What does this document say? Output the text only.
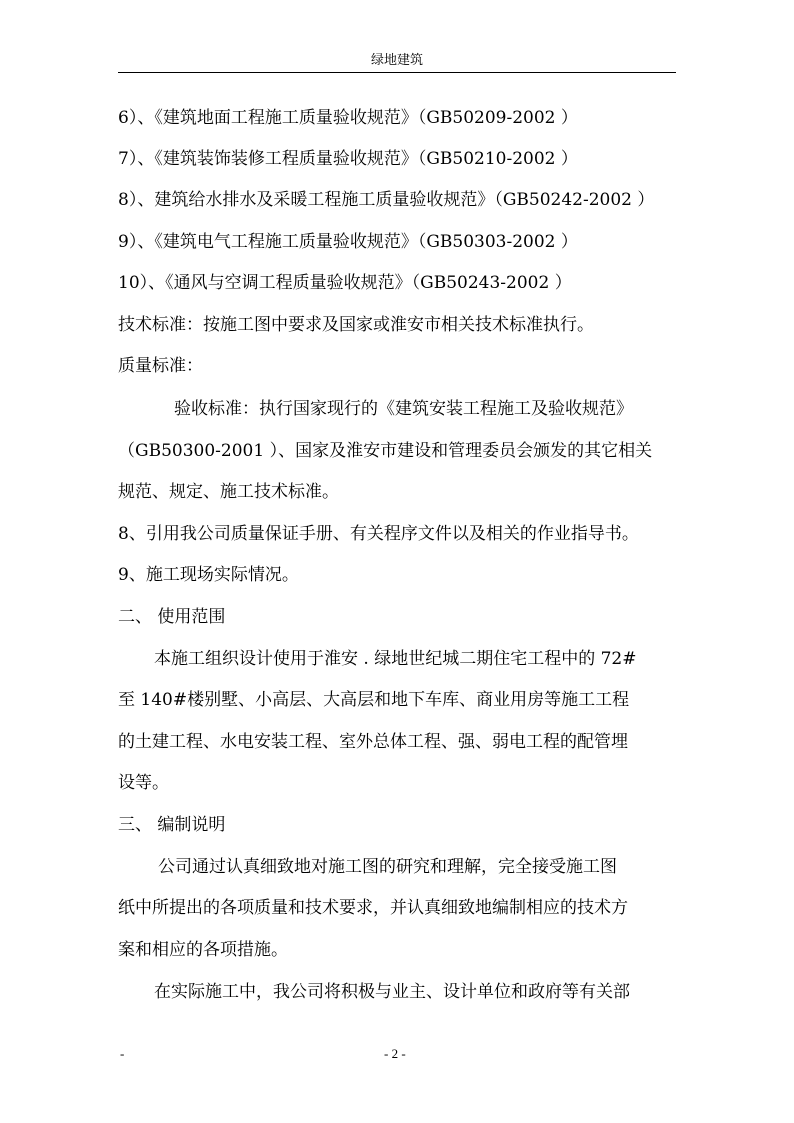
绿地建筑
6）、《建筑地面工程施工质量验收规范》（GB50209-2002 ）
7）、《建筑装饰装修工程质量验收规范》（GB50210-2002 ）
8）、建筑给水排水及采暖工程施工质量验收规范》（GB50242-2002 ）
9）、《建筑电气工程施工质量验收规范》（GB50303-2002 ）
10）、《通风与空调工程质量验收规范》（GB50243-2002 ）
技术标准：按施工图中要求及国家或淮安市相关技术标准执行。
质量标准：
验收标准：执行国家现行的《建筑安装工程施工及验收规范》
（GB50300-2001 ）、国家及淮安市建设和管理委员会颁发的其它相关
规范、规定、施工技术标准。
8、引用我公司质量保证手册、有关程序文件以及相关的作业指导书。
9、施工现场实际情况。
二、 使用范围
本施工组织设计使用于淮安 . 绿地世纪城二期住宅工程中的 72#
至 140#楼别墅、小高层、大高层和地下车库、商业用房等施工工程
的土建工程、水电安装工程、室外总体工程、强、弱电工程的配管埋
设等。
三、 编制说明
公司通过认真细致地对施工图的研究和理解，完全接受施工图
纸中所提出的各项质量和技术要求，并认真细致地编制相应的技术方
案和相应的各项措施。
在实际施工中，我公司将积极与业主、设计单位和政府等有关部
-	- 2 -
